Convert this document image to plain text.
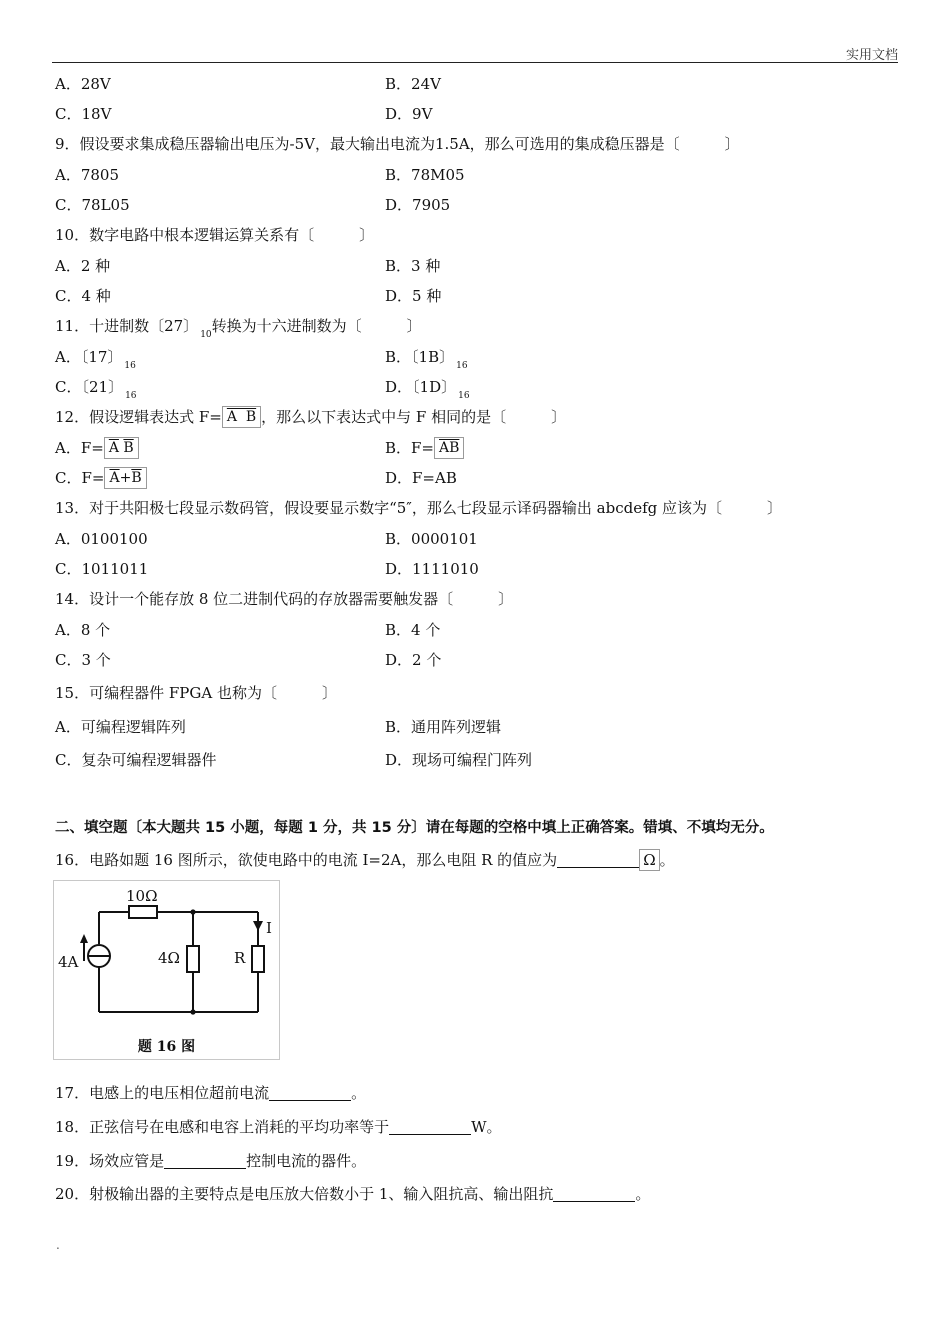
实用文档
A．28V	B．24V
C．18V	D．9V
9．假设要求集成稳压器输出电压为-5V，最大输出电流为1.5A，那么可选用的集成稳压器是〔　　　〕
A．7805	B．78M05
C．78L05	D．7905
10．数字电路中根本逻辑运算关系有〔　　　〕
A．2 种	B．3 种
C．4 种	D．5 种
11．十进制数〔27〕 $_{10}$转换为十六进制数为〔　　　〕
A．〔17〕 $_{16}$	B．〔1B〕 $_{16}$
C．〔21〕 $_{16}$	D．〔1D〕 $_{16}$
12．假设逻辑表达式 F= A  B ，那么以下表达式中与 F 相同的是〔　　　〕
A．$F= \overline{A}$ $\overline{B}$	B．$F= \overline{AB}$
C．$F= \overline{A}+\overline{B}$	D．F=AB
13．对于共阳极七段显示数码管，假设要显示数字“5″，那么七段显示译码器输出 abcdefg 应该为〔　　　〕
A．0100100	B．0000101
C．1011011	D．1111010
14．设计一个能存放 8 位二进制代码的存放器需要触发器〔　　　〕
A．8 个	B．4 个
C．3 个	D．2 个
15．可编程器件 FPGA 也称为〔　　　〕
A．可编程逻辑阵列	B．通用阵列逻辑
C．复杂可编程逻辑器件	D．现场可编程门阵列
二、填空题〔本大题共 15 小题，每题 1 分，共 15 分〕请在每题的空格中填上正确答案。错填、不填均无分。
16．电路如题 16 图所示，欲使电路中的电流 I=2A，那么电阻 R 的值应为	Ω 。
10Ω
4A	4Ω	R
I
题 16 图
17．电感上的电压相位超前电流	。
18．正弦信号在电感和电容上消耗的平均功率等于	W。
19．场效应管是	控制电流的器件。
20．射极输出器的主要特点是电压放大倍数小于 1、输入阻抗高、输出阻抗	。
.
